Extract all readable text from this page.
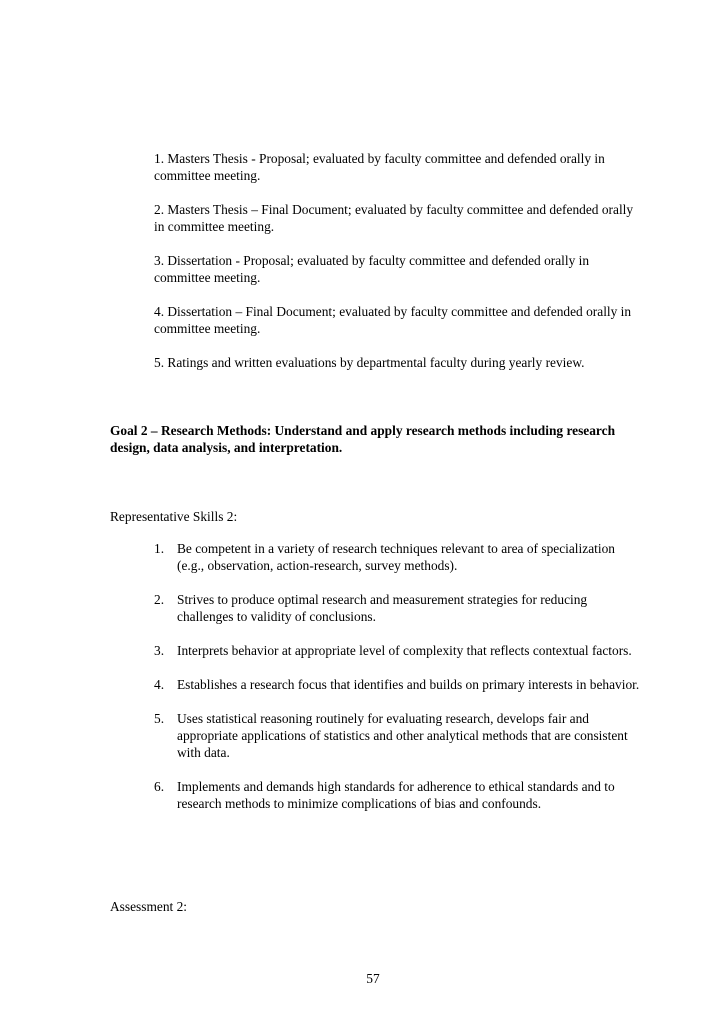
1. Masters Thesis - Proposal; evaluated by faculty committee and defended orally in committee meeting.
2. Masters Thesis – Final Document; evaluated by faculty committee and defended orally in committee meeting.
3. Dissertation - Proposal; evaluated by faculty committee and defended orally in committee meeting.
4. Dissertation – Final Document; evaluated by faculty committee and defended orally in committee meeting.
5. Ratings and written evaluations by departmental faculty during yearly review.
Goal 2 – Research Methods: Understand and apply research methods including research design, data analysis, and interpretation.
Representative Skills 2:
1. Be competent in a variety of research techniques relevant to area of specialization (e.g., observation, action-research, survey methods).
2. Strives to produce optimal research and measurement strategies for reducing challenges to validity of conclusions.
3. Interprets behavior at appropriate level of complexity that reflects contextual factors.
4. Establishes a research focus that identifies and builds on primary interests in behavior.
5. Uses statistical reasoning routinely for evaluating research, develops fair and appropriate applications of statistics and other analytical methods that are consistent with data.
6. Implements and demands high standards for adherence to ethical standards and to research methods to minimize complications of bias and confounds.
Assessment 2:
57
